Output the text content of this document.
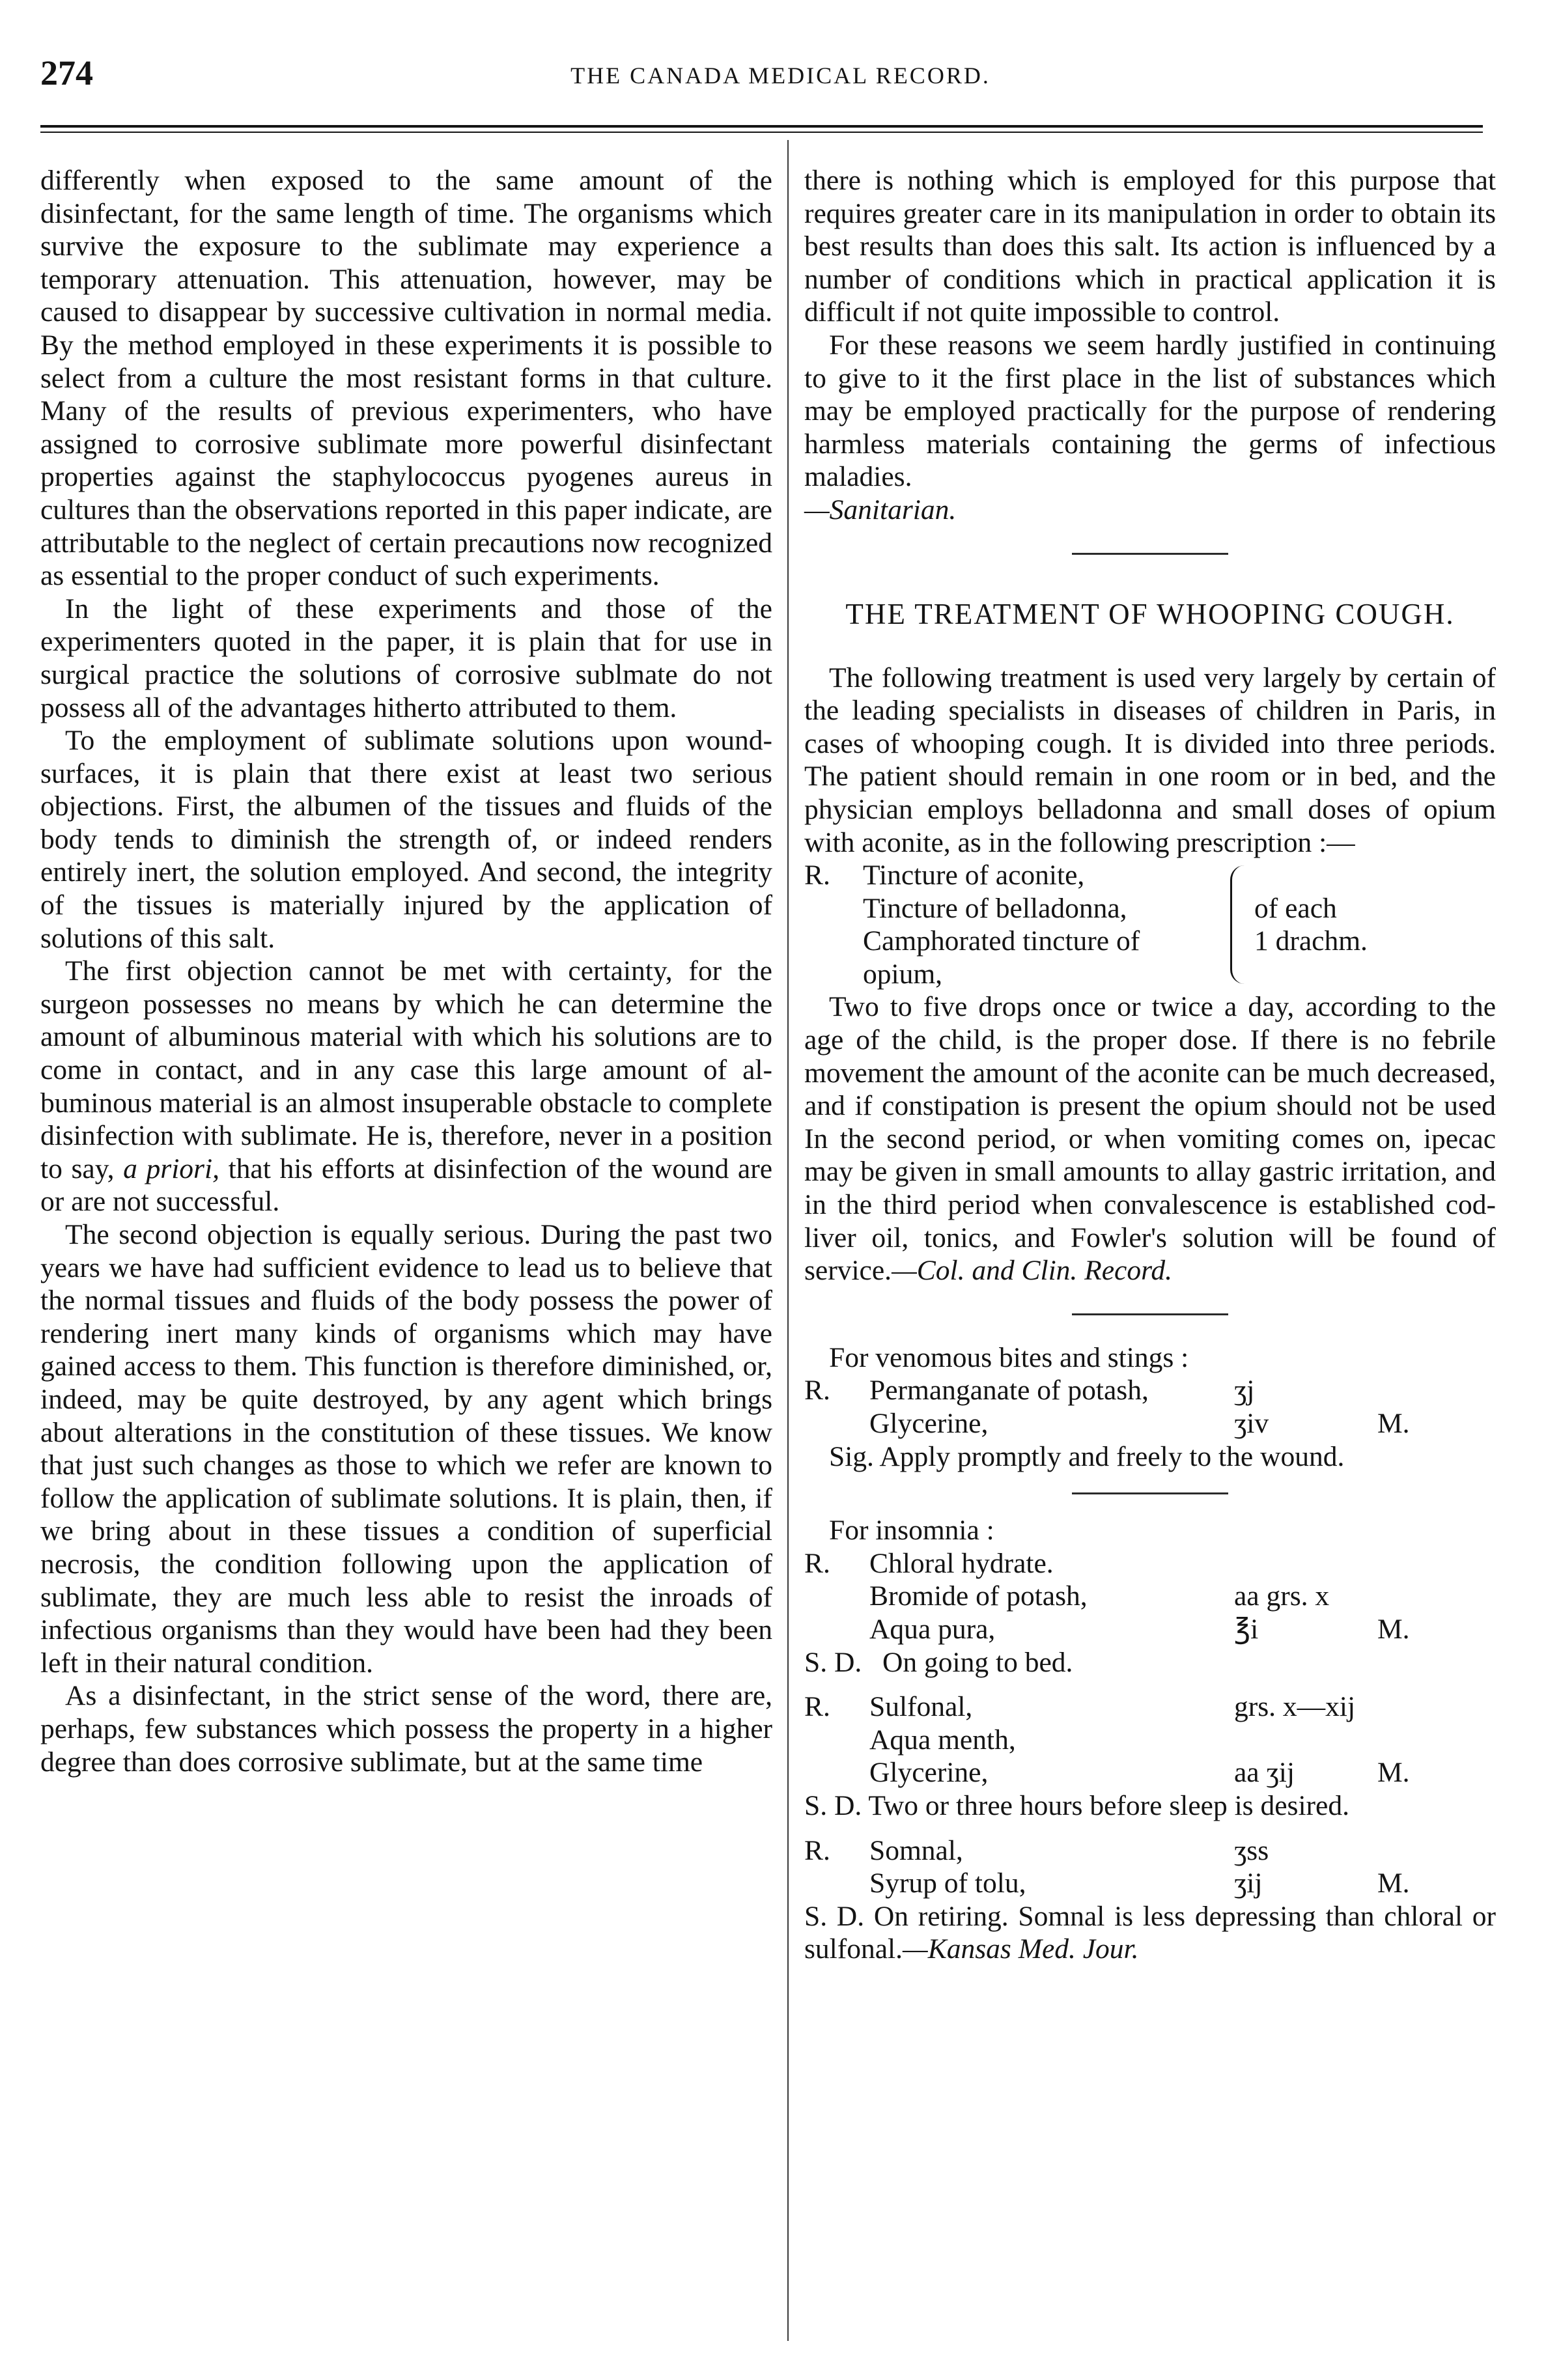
274	THE CANADA MEDICAL RECORD.

differently when exposed to the same amount of the disinfectant, for the same length of time. The organisms which survive the exposure to the sublimate may experience a temporary attenuation. This attenuation, however, may be caused to disappear by successive cultivation in normal media. By the method employed in these experiments it is possible to select from a culture the most resistant forms in that culture. Many of the results of previous experimenters, who have assigned to corrosive sublimate more powerful disinfectant properties against the staphylococcus pyogenes aureus in cultures than the observations reported in this paper indicate, are attributable to the neglect of certain precautions now recognized as essential to the proper conduct of such experiments.

In the light of these experiments and those of the experimenters quoted in the paper, it is plain that for use in surgical practice the solutions of corrosive sublmate do not possess all of the advantages hitherto attributed to them.

To the employment of sublimate solutions upon wound-surfaces, it is plain that there exist at least two serious objections. First, the albumen of the tissues and fluids of the body tends to diminish the strength of, or indeed renders entirely inert, the solution employed. And second, the integrity of the tissues is materially injured by the application of solutions of this salt.

The first objection cannot be met with certainty, for the surgeon possesses no means by which he can determine the amount of albuminous material with which his solutions are to come in contact, and in any case this large amount of albuminous material is an almost insuperable obstacle to complete disinfection with sublimate. He is, therefore, never in a position to say, a priori, that his efforts at disinfection of the wound are or are not successful.

The second objection is equally serious. During the past two years we have had sufficient evidence to lead us to believe that the normal tissues and fluids of the body possess the power of rendering inert many kinds of organisms which may have gained access to them. This function is therefore diminished, or, indeed, may be quite destroyed, by any agent which brings about alterations in the constitution of these tissues. We know that just such changes as those to which we refer are known to follow the application of sublimate solutions. It is plain, then, if we bring about in these tissues a condition of superficial necrosis, the condition following upon the application of sublimate, they are much less able to resist the inroads of infectious organisms than they would have been had they been left in their natural condition.

As a disinfectant, in the strict sense of the word, there are, perhaps, few substances which possess the property in a higher degree than does corrosive sublimate, but at the same time

there is nothing which is employed for this purpose that requires greater care in its manipulation in order to obtain its best results than does this salt. Its action is influenced by a number of conditions which in practical application it is difficult if not quite impossible to control.

For these reasons we seem hardly justified in continuing to give to it the first place in the list of substances which may be employed practically for the purpose of rendering harmless materials containing the germs of infectious maladies.

—Sanitarian.

THE TREATMENT OF WHOOPING COUGH.

The following treatment is used very largely by certain of the leading specialists in diseases of children in Paris, in cases of whooping cough. It is divided into three periods. The patient should remain in one room or in bed, and the physician employs belladonna and small doses of opium with aconite, as in the following prescription :—

R.	Tincture of aconite,
Tincture of belladonna,
Camphorated tincture of
opium,
of each
1 drachm.

Two to five drops once or twice a day, according to the age of the child, is the proper dose. If there is no febrile movement the amount of the aconite can be much decreased, and if constipation is present the opium should not be used In the second period, or when vomiting comes on, ipecac may be given in small amounts to allay gastric irritation, and in the third period when convalescence is established cod-liver oil, tonics, and Fowler's solution will be found of service.—Col. and Clin. Record.

For venomous bites and stings :

R.	Permanganate of potash,	ʒj
Glycerine,	ʒiv	M.

Sig. Apply promptly and freely to the wound.

For insomnia :

R.	Chloral hydrate.
Bromide of potash,	aa grs. x
Aqua pura,	℥i	M.
S. D. On going to bed.
R.	Sulfonal,	grs. x—xij
Aqua menth,
Glycerine,	aa ʒij	M.

S. D. Two or three hours before sleep is desired.

R.	Somnal,	ʒss
Syrup of tolu,	ʒij	M.

S. D. On retiring. Somnal is less depressing than chloral or sulfonal.—Kansas Med. Jour.
